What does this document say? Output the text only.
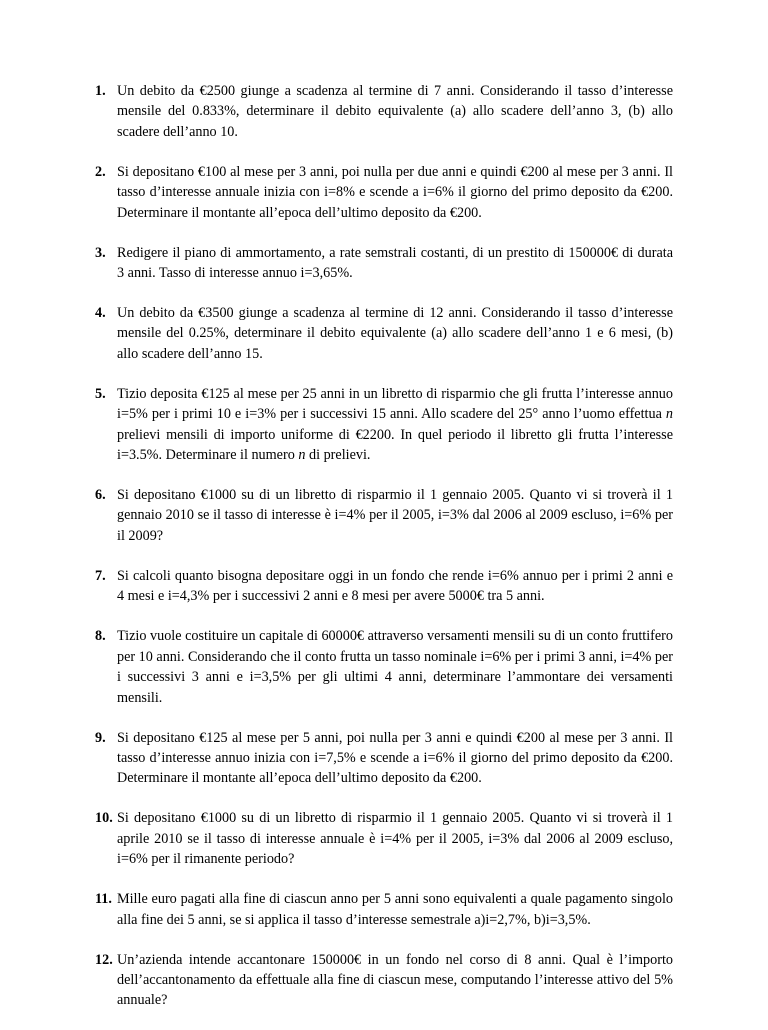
1. Un debito da €2500 giunge a scadenza al termine di 7 anni. Considerando il tasso d’interesse mensile del 0.833%, determinare il debito equivalente (a) allo scadere dell’anno 3, (b) allo scadere dell’anno 10.
2. Si depositano €100 al mese per 3 anni, poi nulla per due anni e quindi €200 al mese per 3 anni. Il tasso d’interesse annuale inizia con i=8% e scende a i=6% il giorno del primo deposito da €200. Determinare il montante all’epoca dell’ultimo deposito da €200.
3. Redigere il piano di ammortamento, a rate semstrali costanti, di un prestito di 150000€ di durata 3 anni. Tasso di interesse annuo i=3,65%.
4. Un debito da €3500 giunge a scadenza al termine di 12 anni. Considerando il tasso d’interesse mensile del 0.25%, determinare il debito equivalente (a) allo scadere dell’anno 1 e 6 mesi, (b) allo scadere dell’anno 15.
5. Tizio deposita €125 al mese per 25 anni in un libretto di risparmio che gli frutta l’interesse annuo i=5% per i primi 10 e i=3% per i successivi 15 anni. Allo scadere del 25° anno l’uomo effettua n prelievi mensili di importo uniforme di €2200. In quel periodo il libretto gli frutta l’interesse i=3.5%. Determinare il numero n di prelievi.
6. Si depositano €1000 su di un libretto di risparmio il 1 gennaio 2005. Quanto vi si troverà il 1 gennaio 2010 se il tasso di interesse è i=4% per il 2005, i=3% dal 2006 al 2009 escluso, i=6% per il 2009?
7. Si calcoli quanto bisogna depositare oggi in un fondo che rende i=6% annuo per i primi 2 anni e 4 mesi e i=4,3% per i successivi 2 anni e 8 mesi per avere 5000€ tra 5 anni.
8. Tizio vuole costituire un capitale di 60000€ attraverso versamenti mensili su di un conto fruttifero per 10 anni. Considerando che il conto frutta un tasso nominale i=6% per i primi 3 anni, i=4% per i successivi 3 anni e i=3,5% per gli ultimi 4 anni, determinare l’ammontare dei versamenti mensili.
9. Si depositano €125 al mese per 5 anni, poi nulla per 3 anni e quindi €200 al mese per 3 anni. Il tasso d’interesse annuo inizia con i=7,5% e scende a i=6% il giorno del primo deposito da €200. Determinare il montante all’epoca dell’ultimo deposito da €200.
10. Si depositano €1000 su di un libretto di risparmio il 1 gennaio 2005. Quanto vi si troverà il 1 aprile 2010 se il tasso di interesse annuale è i=4% per il 2005, i=3% dal 2006 al 2009 escluso, i=6% per il rimanente periodo?
11. Mille euro pagati alla fine di ciascun anno per 5 anni sono equivalenti a quale pagamento singolo alla fine dei 5 anni, se si applica il tasso d’interesse semestrale a)i=2,7%, b)i=3,5%.
12. Un’azienda intende accantonare 150000€ in un fondo nel corso di 8 anni. Qual è l’importo dell’accantonamento da effettuale alla fine di ciascun mese, computando l’interesse attivo del 5% annuale?
